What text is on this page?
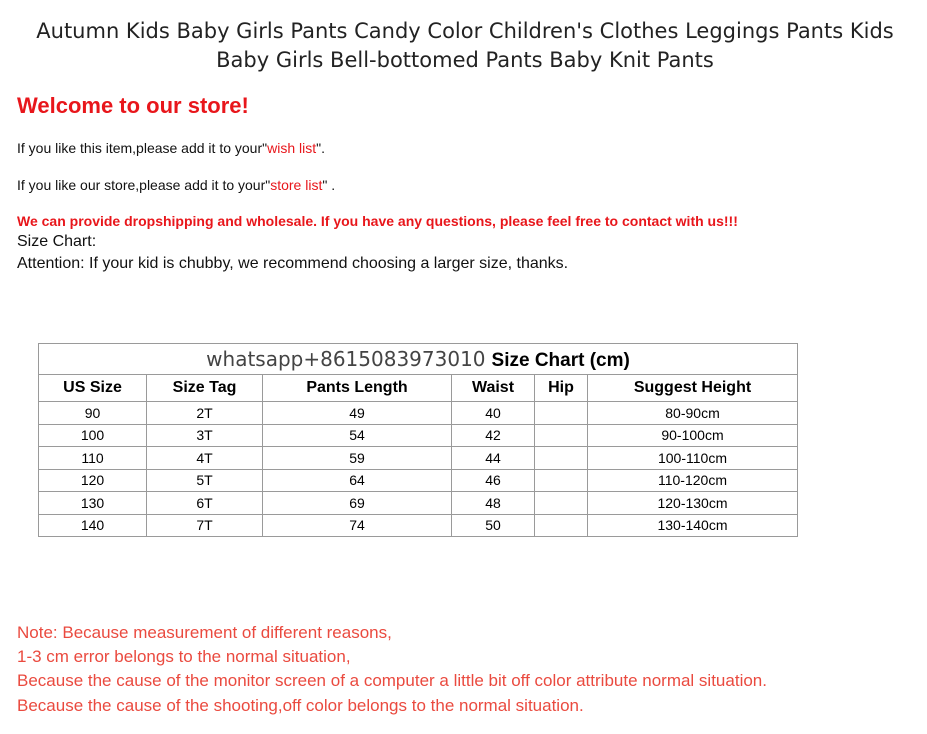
Autumn Kids Baby Girls Pants Candy Color Children's Clothes Leggings Pants Kids Baby Girls Bell-bottomed Pants Baby Knit Pants
Welcome to our store!
If you like this item,please add it to your"wish list".
If you like our store,please add it to your"store list" .
We can provide dropshipping and wholesale. If you have any questions, please feel free to contact with us!!!
Size Chart:
Attention: If your kid is chubby, we recommend choosing a larger size, thanks.
whatsapp+8615083973010 Size Chart (cm)					
US Size	Size Tag	Pants Length	Waist	Hip	Suggest Height
90	2T	49	40		80-90cm
100	3T	54	42		90-100cm
110	4T	59	44		100-110cm
120	5T	64	46		110-120cm
130	6T	69	48		120-130cm
140	7T	74	50		130-140cm
Note: Because measurement of different reasons,
1-3 cm error belongs to the normal situation,
Because the cause of the monitor screen of a computer a little bit off color attribute normal situation.
Because the cause of the shooting,off color belongs to the normal situation.
